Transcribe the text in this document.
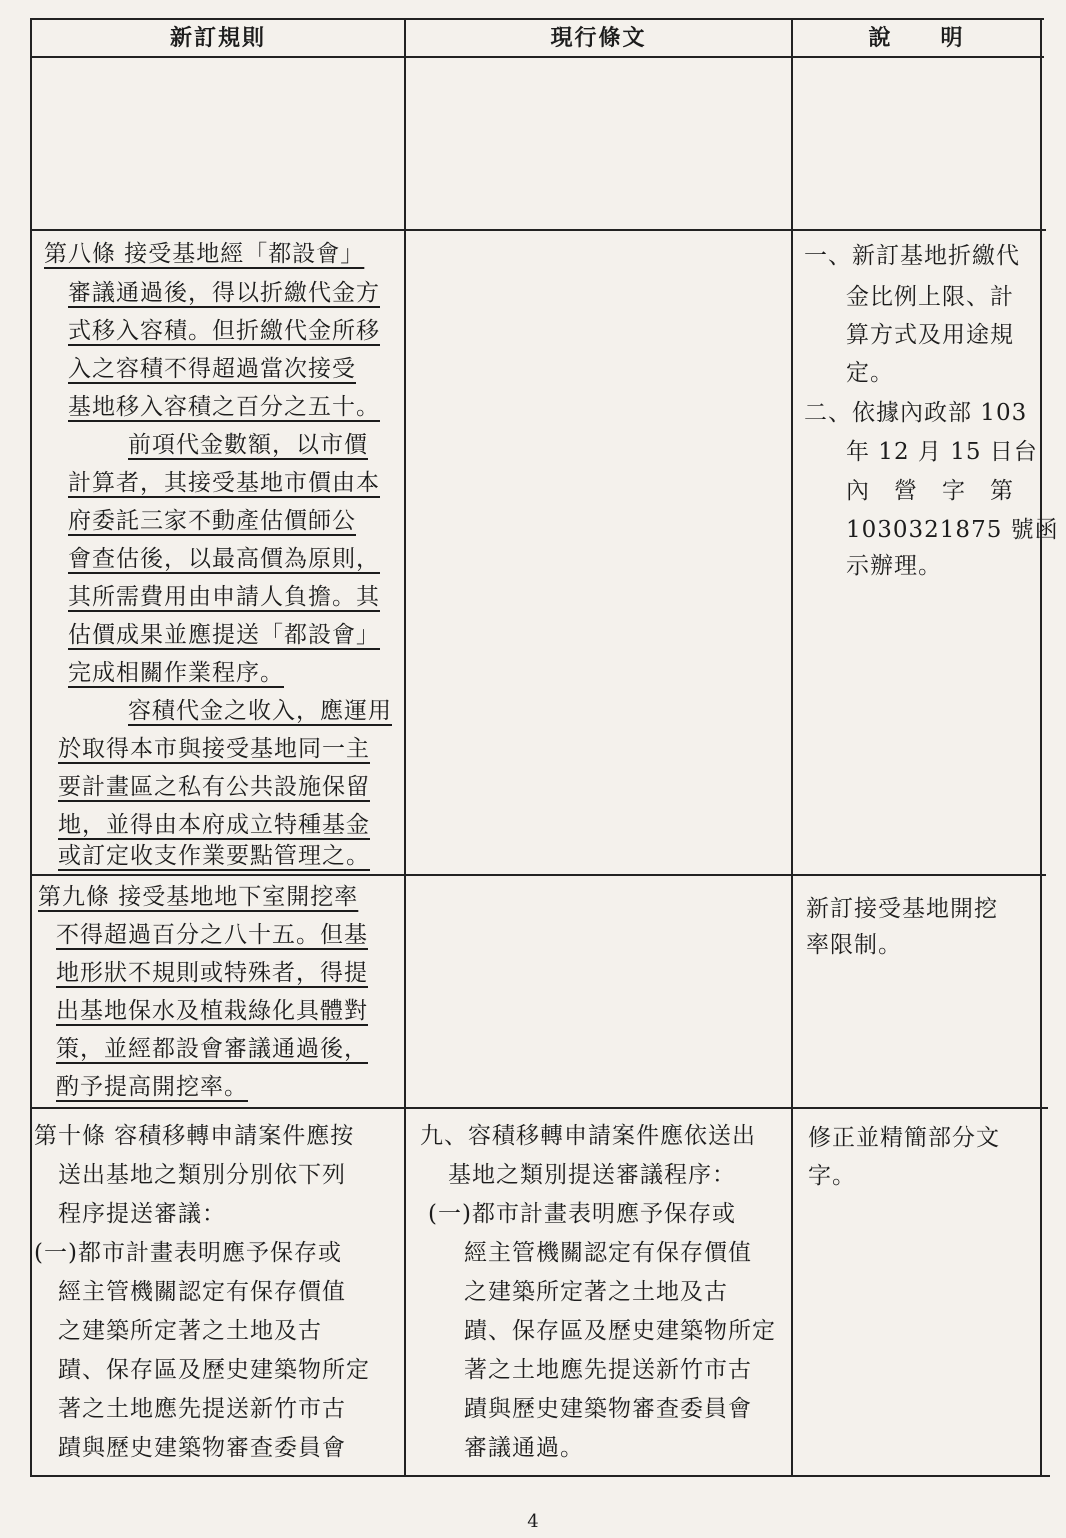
新訂規則	現行條文	說　　明
第八條 接受基地經「都設會」
審議通過後，得以折繳代金方
式移入容積。但折繳代金所移
入之容積不得超過當次接受
基地移入容積之百分之五十。
前項代金數額，以市價
計算者，其接受基地市價由本
府委託三家不動產估價師公
會查估後，以最高價為原則，
其所需費用由申請人負擔。其
估價成果並應提送「都設會」
完成相關作業程序。
容積代金之收入，應運用
於取得本市與接受基地同一主
要計畫區之私有公共設施保留
地，並得由本府成立特種基金
或訂定收支作業要點管理之。
一、新訂基地折繳代
金比例上限、計
算方式及用途規
定。
二、依據內政部 103
年 12 月 15 日台
內　營　字　第
1030321875 號函
示辦理。
第九條 接受基地地下室開挖率
不得超過百分之八十五。但基
地形狀不規則或特殊者，得提
出基地保水及植栽綠化具體對
策，並經都設會審議通過後，
酌予提高開挖率。
新訂接受基地開挖
率限制。
第十條 容積移轉申請案件應按
送出基地之類別分別依下列
程序提送審議：
(一)都市計畫表明應予保存或
經主管機關認定有保存價值
之建築所定著之土地及古
蹟、保存區及歷史建築物所定
著之土地應先提送新竹市古
蹟與歷史建築物審查委員會
九、容積移轉申請案件應依送出
基地之類別提送審議程序：
(一)都市計畫表明應予保存或
經主管機關認定有保存價值
之建築所定著之土地及古
蹟、保存區及歷史建築物所定
著之土地應先提送新竹市古
蹟與歷史建築物審查委員會
審議通過。
修正並精簡部分文
字。
4
